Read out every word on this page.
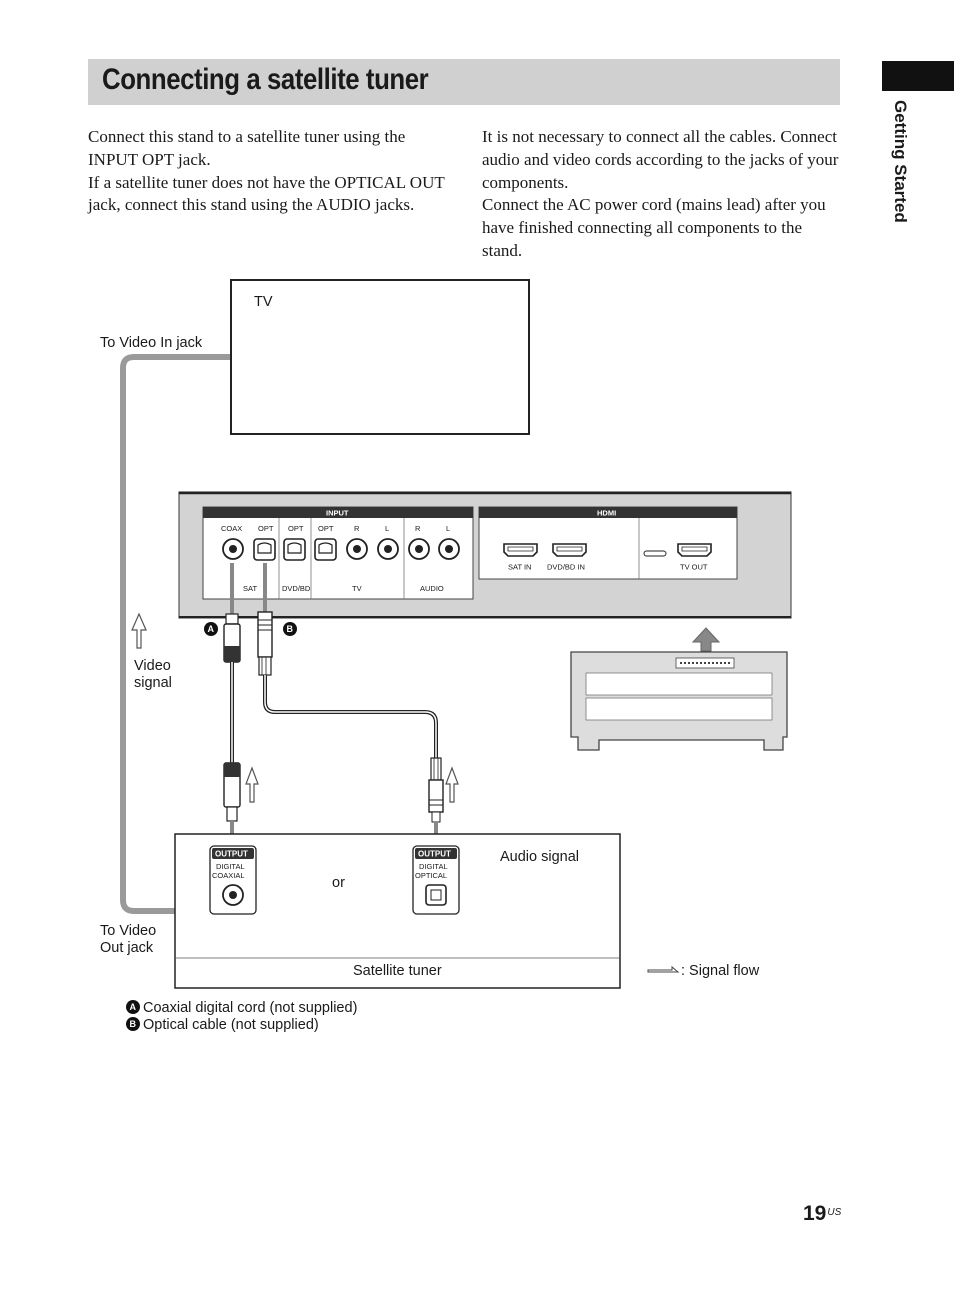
Connecting a satellite tuner
Getting Started

Connect this stand to a satellite tuner using the INPUT OPT jack.

If a satellite tuner does not have the OPTICAL OUT jack, connect this stand using the AUDIO jacks.

It is not necessary to connect all the cables. Connect audio and video cords according to the jacks of your components.

Connect the AC power cord (mains lead) after you have finished connecting all components to the stand.

TV
To Video In jack
INPUT
COAX OPT OPT OPT	R	L	R	L
SAT	DVD/BD	TV	AUDIO
HDMI
SAT IN DVD/BD IN	TV OUT
A	B
Video
signal
Satellite tuner
OUTPUT
DIGITAL
COAXIAL	or
OUTPUT
DIGITAL
OPTICAL
Audio signal
To Video
Out jack
: Signal flow
A Coaxial digital cord (not supplied)
B Optical cable (not supplied)
$19^{US}$
